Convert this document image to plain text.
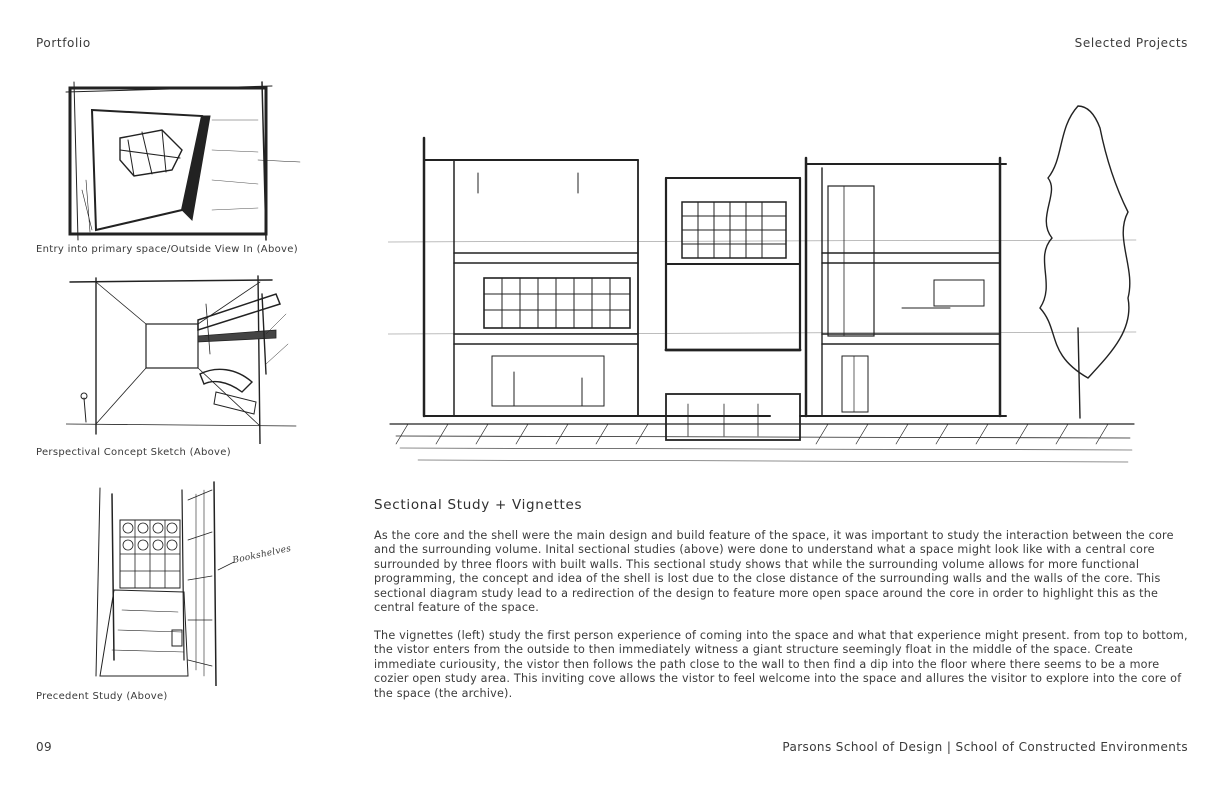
Portfolio	Selected Projects
Entry into primary space/Outside View In (Above)
Perspectival Concept Sketch (Above)
Bookshelves
Precedent Study (Above)
Sectional Study + Vignettes

As the core and the shell were the main design and build feature of the space, it was important to study the interaction between the core and the surrounding volume. Inital sectional studies (above) were done to understand what a space might look like with a central core surrounded by three floors with built walls. This sectional study shows that while the surrounding volume allows for more functional programming, the concept and idea of the shell is lost due to the close distance of the surrounding walls and the walls of the core. This sectional diagram study lead to a redirection of the design to feature more open space around the core in order to highlight this as the central feature of the space.

The vignettes (left) study the first person experience of coming into the space and what that experience might present. from top to bottom, the vistor enters from the outside to then immediately witness a giant structure seemingly float in the middle of the space. Create immediate curiousity, the vistor then follows the path close to the wall to then find a dip into the floor where there seems to be a more cozier open study area. This inviting cove allows the vistor to feel welcome into the space and allures the visitor to explore into the core of the space (the archive).

09	Parsons School of Design | School of Constructed Environments
